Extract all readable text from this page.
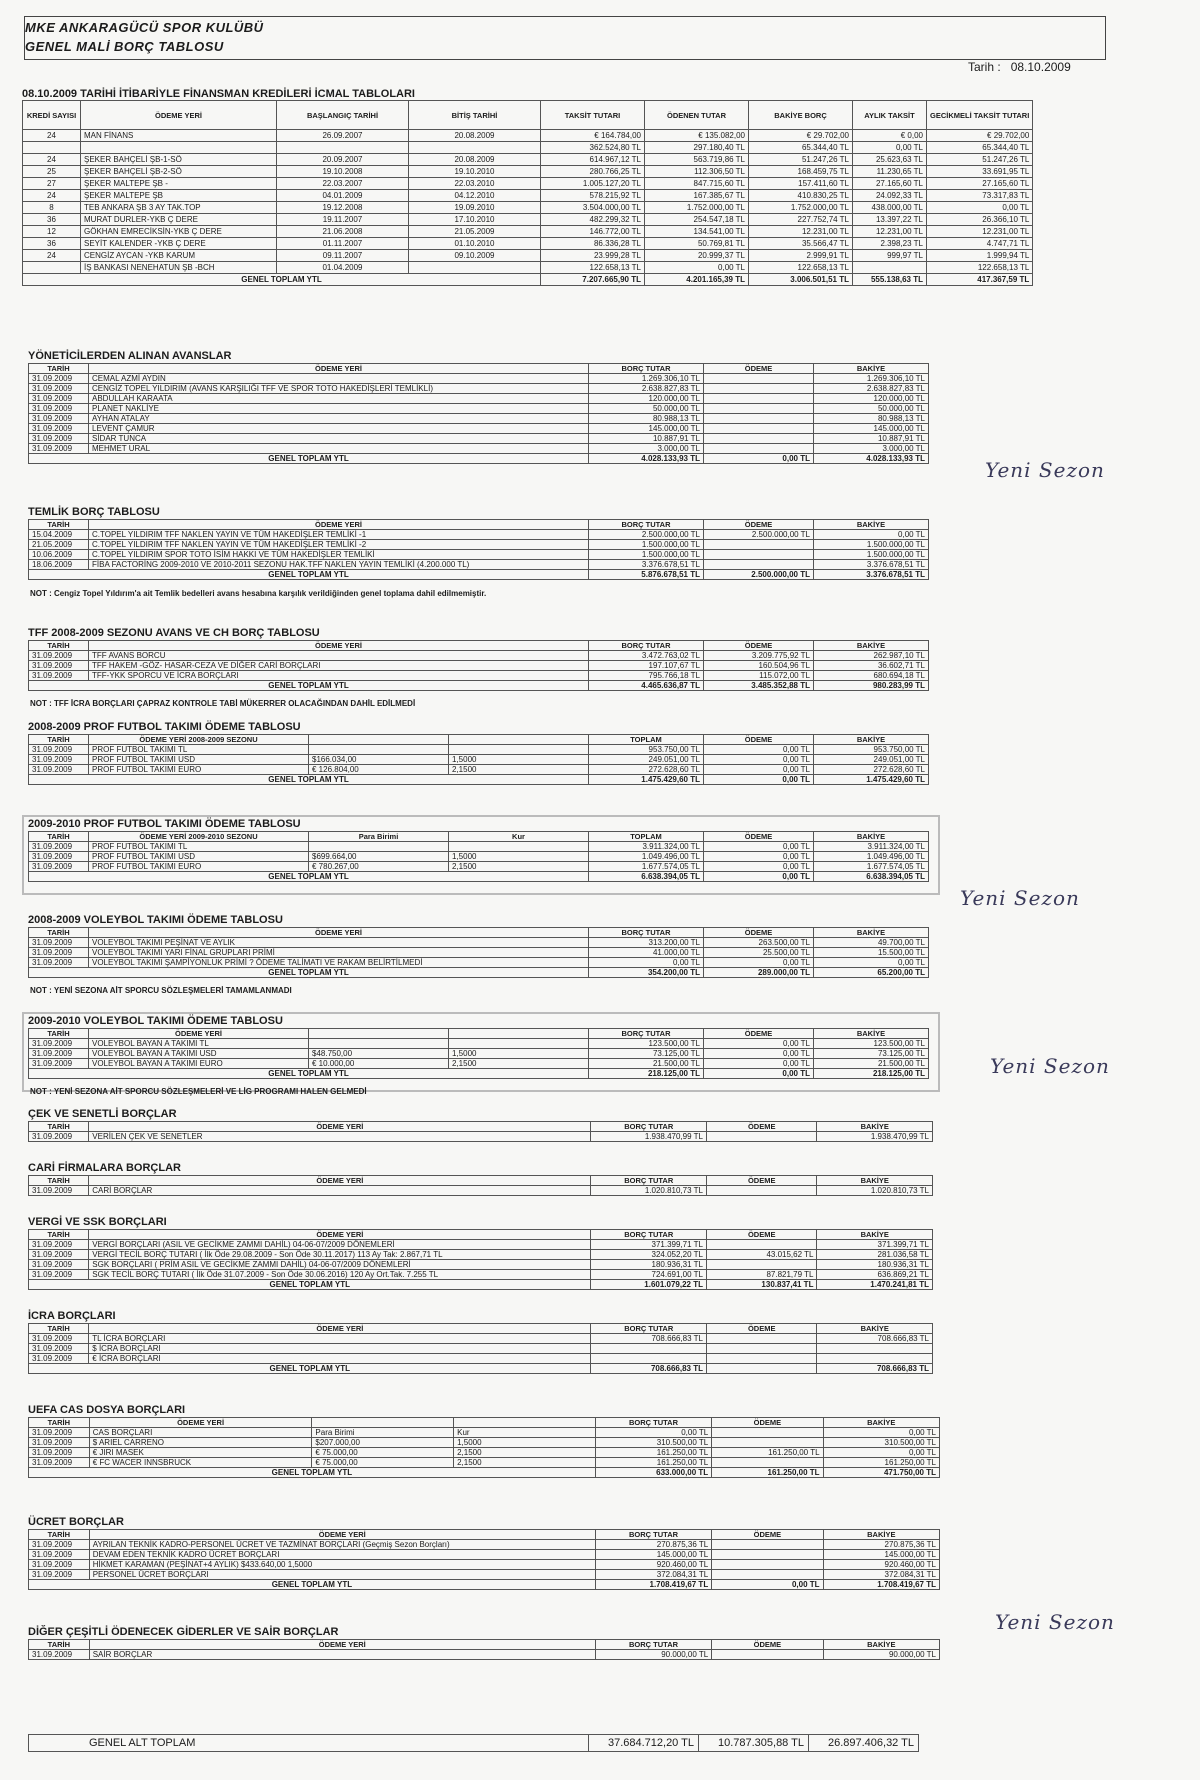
MKE ANKARAGÜCÜ SPOR KULÜBÜ
GENEL MALİ BORÇ TABLOSU
Tarih : 08.10.2009
08.10.2009 TARİHİ İTİBARİYLE FİNANSMAN KREDİLERİ İCMAL TABLOLARI
KREDİ SAYISI	ÖDEME YERİ	BAŞLANGIÇ TARİHİ	BİTİŞ TARİHİ	TAKSİT TUTARI	ÖDENEN TUTAR	BAKİYE BORÇ	AYLIK TAKSİT	GECİKMELİ TAKSİT TUTARI
24	MAN FİNANS	26.09.2007	20.08.2009	€ 164.784,00	€ 135.082,00	€ 29.702,00	€ 0,00	€ 29.702,00
				362.524,80 TL	297.180,40 TL	65.344,40 TL	0,00 TL	65.344,40 TL
24	ŞEKER BAHÇELİ ŞB-1-SÖ	20.09.2007	20.08.2009	614.967,12 TL	563.719,86 TL	51.247,26 TL	25.623,63 TL	51.247,26 TL
25	ŞEKER BAHÇELİ ŞB-2-SÖ	19.10.2008	19.10.2010	280.766,25 TL	112.306,50 TL	168.459,75 TL	11.230,65 TL	33.691,95 TL
27	ŞEKER MALTEPE ŞB -	22.03.2007	22.03.2010	1.005.127,20 TL	847.715,60 TL	157.411,60 TL	27.165,60 TL	27.165,60 TL
24	ŞEKER MALTEPE ŞB	04.01.2009	04.12.2010	578.215,92 TL	167.385,67 TL	410.830,25 TL	24.092,33 TL	73.317,83 TL
8	TEB ANKARA ŞB 3 AY TAK.TOP	19.12.2008	19.09.2010	3.504.000,00 TL	1.752.000,00 TL	1.752.000,00 TL	438.000,00 TL	0,00 TL
36	MURAT DURLER-YKB Ç DERE	19.11.2007	17.10.2010	482.299,32 TL	254.547,18 TL	227.752,74 TL	13.397,22 TL	26.366,10 TL
12	GÖKHAN EMRECİKSİN-YKB Ç DERE	21.06.2008	21.05.2009	146.772,00 TL	134.541,00 TL	12.231,00 TL	12.231,00 TL	12.231,00 TL
36	SEYİT KALENDER -YKB Ç DERE	01.11.2007	01.10.2010	86.336,28 TL	50.769,81 TL	35.566,47 TL	2.398,23 TL	4.747,71 TL
24	CENGİZ AYCAN -YKB KARUM	09.11.2007	09.10.2009	23.999,28 TL	20.999,37 TL	2.999,91 TL	999,97 TL	1.999,94 TL
	İŞ BANKASI NENEHATUN ŞB -BCH	01.04.2009		122.658,13 TL	0,00 TL	122.658,13 TL		122.658,13 TL
GENEL TOPLAM YTL				7.207.665,90 TL	4.201.165,39 TL	3.006.501,51 TL	555.138,63 TL	417.367,59 TL
YÖNETİCİLERDEN ALINAN AVANSLAR
TARİH	ÖDEME YERİ	BORÇ TUTAR	ÖDEME	BAKİYE
31.09.2009	CEMAL AZMİ AYDIN	1.269.306,10 TL		1.269.306,10 TL
31.09.2009	CENGİZ TOPEL YILDIRIM (AVANS KARŞILIĞI TFF VE SPOR TOTO HAKEDİŞLERİ TEMLİKLİ)	2.638.827,83 TL		2.638.827,83 TL
31.09.2009	ABDULLAH KARAATA	120.000,00 TL		120.000,00 TL
31.09.2009	PLANET NAKLİYE	50.000,00 TL		50.000,00 TL
31.09.2009	AYHAN ATALAY	80.988,13 TL		80.988,13 TL
31.09.2009	LEVENT ÇAMUR	145.000,00 TL		145.000,00 TL
31.09.2009	SİDAR TUNCA	10.887,91 TL		10.887,91 TL
31.09.2009	MEHMET URAL	3.000,00 TL		3.000,00 TL
GENEL TOPLAM YTL		4.028.133,93 TL	0,00 TL	4.028.133,93 TL
TEMLİK BORÇ TABLOSU
TARİH	ÖDEME YERİ	BORÇ TUTAR	ÖDEME	BAKİYE
15.04.2009	C.TOPEL YILDIRIM TFF NAKLEN YAYIN VE TÜM HAKEDİŞLER TEMLİKİ -1	2.500.000,00 TL	2.500.000,00 TL	0,00 TL
21.05.2009	C.TOPEL YILDIRIM TFF NAKLEN YAYIN VE TÜM HAKEDİŞLER TEMLİKİ -2	1.500.000,00 TL		1.500.000,00 TL
10.06.2009	C.TOPEL YILDIRIM SPOR TOTO İSİM HAKKI VE TÜM HAKEDİŞLER TEMLİKİ	1.500.000,00 TL		1.500.000,00 TL
18.06.2009	FİBA FACTORİNG 2009-2010 VE 2010-2011 SEZONU HAK.TFF NAKLEN YAYIN TEMLİKİ (4.200.000 TL)	3.376.678,51 TL		3.376.678,51 TL
GENEL TOPLAM YTL		5.876.678,51 TL	2.500.000,00 TL	3.376.678,51 TL
NOT : Cengiz Topel Yıldırım'a ait Temlik bedelleri avans hesabına karşılık verildiğinden genel toplama dahil edilmemiştir.
TFF 2008-2009 SEZONU AVANS VE CH BORÇ TABLOSU
TARİH	ÖDEME YERİ	BORÇ TUTAR	ÖDEME	BAKİYE
31.09.2009	TFF AVANS BORCU	3.472.763,02 TL	3.209.775,92 TL	262.987,10 TL
31.09.2009	TFF HAKEM -GÖZ- HASAR-CEZA VE DİĞER CARİ BORÇLARI	197.107,67 TL	160.504,96 TL	36.602,71 TL
31.09.2009	TFF-YKK SPORCU VE İCRA BORÇLARI	795.766,18 TL	115.072,00 TL	680.694,18 TL
GENEL TOPLAM YTL		4.465.636,87 TL	3.485.352,88 TL	980.283,99 TL
NOT : TFF İCRA BORÇLARI ÇAPRAZ KONTROLE TABİ MÜKERRER OLACAĞINDAN DAHİL EDİLMEDİ
2008-2009 PROF FUTBOL TAKIMI ÖDEME TABLOSU
TARİH	ÖDEME YERİ 2008-2009 SEZONU			TOPLAM	ÖDEME	BAKİYE
31.09.2009	PROF FUTBOL TAKIMI TL			953.750,00 TL	0,00 TL	953.750,00 TL
31.09.2009	PROF FUTBOL TAKIMI USD	$166.034,00	1,5000	249.051,00 TL	0,00 TL	249.051,00 TL
31.09.2009	PROF FUTBOL TAKIMI EURO	€ 126.804,00	2,1500	272.628,60 TL	0,00 TL	272.628,60 TL
GENEL TOPLAM YTL				1.475.429,60 TL	0,00 TL	1.475.429,60 TL
2009-2010 PROF FUTBOL TAKIMI ÖDEME TABLOSU
TARİH	ÖDEME YERİ 2009-2010 SEZONU	Para Birimi	Kur	TOPLAM	ÖDEME	BAKİYE
31.09.2009	PROF FUTBOL TAKIMI TL			3.911.324,00 TL	0,00 TL	3.911.324,00 TL
31.09.2009	PROF FUTBOL TAKIMI USD	$699.664,00	1,5000	1.049.496,00 TL	0,00 TL	1.049.496,00 TL
31.09.2009	PROF FUTBOL TAKIMI EURO	€ 780.267,00	2,1500	1.677.574,05 TL	0,00 TL	1.677.574,05 TL
GENEL TOPLAM YTL				6.638.394,05 TL	0,00 TL	6.638.394,05 TL
2008-2009 VOLEYBOL TAKIMI ÖDEME TABLOSU
TARİH	ÖDEME YERİ	BORÇ TUTAR	ÖDEME	BAKİYE
31.09.2009	VOLEYBOL TAKIMI PEŞİNAT VE AYLIK	313.200,00 TL	263.500,00 TL	49.700,00 TL
31.09.2009	VOLEYBOL TAKIMI YARI FİNAL GRUPLARI PRİMİ	41.000,00 TL	25.500,00 TL	15.500,00 TL
31.09.2009	VOLEYBOL TAKIMI ŞAMPİYONLUK PRİMİ ? ÖDEME TALİMATI VE RAKAM BELİRTİLMEDİ	0,00 TL	0,00 TL	0,00 TL
GENEL TOPLAM YTL		354.200,00 TL	289.000,00 TL	65.200,00 TL
NOT : YENİ SEZONA AİT SPORCU SÖZLEŞMELERİ TAMAMLANMADI
2009-2010 VOLEYBOL TAKIMI ÖDEME TABLOSU
TARİH	ÖDEME YERİ			BORÇ TUTAR	ÖDEME	BAKİYE
31.09.2009	VOLEYBOL BAYAN A TAKIMI TL			123.500,00 TL	0,00 TL	123.500,00 TL
31.09.2009	VOLEYBOL BAYAN A TAKIMI USD	$48.750,00	1,5000	73.125,00 TL	0,00 TL	73.125,00 TL
31.09.2009	VOLEYBOL BAYAN A TAKIMI EURO	€ 10.000,00	2,1500	21.500,00 TL	0,00 TL	21.500,00 TL
GENEL TOPLAM YTL				218.125,00 TL	0,00 TL	218.125,00 TL
NOT : YENİ SEZONA AİT SPORCU SÖZLEŞMELERİ VE LİG PROGRAMI HALEN GELMEDİ
ÇEK VE SENETLİ BORÇLAR
TARİH	ÖDEME YERİ	BORÇ TUTAR	ÖDEME	BAKİYE
31.09.2009	VERİLEN ÇEK VE SENETLER	1.938.470,99 TL		1.938.470,99 TL
CARİ FİRMALARA BORÇLAR
TARİH	ÖDEME YERİ	BORÇ TUTAR	ÖDEME	BAKİYE
31.09.2009	CARİ BORÇLAR	1.020.810,73 TL		1.020.810,73 TL
VERGİ VE SSK BORÇLARI
TARİH	ÖDEME YERİ	BORÇ TUTAR	ÖDEME	BAKİYE
31.09.2009	VERGİ BORÇLARI (ASIL VE GECİKME ZAMMI DAHİL) 04-06-07/2009 DÖNEMLERİ	371.399,71 TL		371.399,71 TL
31.09.2009	VERGİ TECİL BORÇ TUTARI ( İlk Öde 29.08.2009 - Son Öde 30.11.2017) 113 Ay Tak: 2.867,71 TL	324.052,20 TL	43.015,62 TL	281.036,58 TL
31.09.2009	SGK BORÇLARI ( PRİM ASIL VE GECİKME ZAMMI DAHİL) 04-06-07/2009 DÖNEMLERİ	180.936,31 TL		180.936,31 TL
31.09.2009	SGK TECİL BORÇ TUTARI ( İlk Öde 31.07.2009 - Son Öde 30.06.2016) 120 Ay Ort.Tak. 7.255 TL	724.691,00 TL	87.821,79 TL	636.869,21 TL
GENEL TOPLAM YTL		1.601.079,22 TL	130.837,41 TL	1.470.241,81 TL
İCRA BORÇLARI
TARİH	ÖDEME YERİ	BORÇ TUTAR	ÖDEME	BAKİYE
31.09.2009	TL İCRA BORÇLARI	708.666,83 TL		708.666,83 TL
31.09.2009	$ İCRA BORÇLARI			
31.09.2009	€ İCRA BORÇLARI			
GENEL TOPLAM YTL		708.666,83 TL		708.666,83 TL
UEFA CAS DOSYA BORÇLARI
TARİH	ÖDEME YERİ			BORÇ TUTAR	ÖDEME	BAKİYE
31.09.2009	CAS BORÇLARI	Para Birimi	Kur	0,00 TL		0,00 TL
31.09.2009	$ ARIEL CARRENO	$207.000,00	1,5000	310.500,00 TL		310.500,00 TL
31.09.2009	€ JIRI MASEK	€ 75.000,00	2,1500	161.250,00 TL	161.250,00 TL	0,00 TL
31.09.2009	€ FC WACER INNSBRUCK	€ 75.000,00	2,1500	161.250,00 TL		161.250,00 TL
GENEL TOPLAM YTL				633.000,00 TL	161.250,00 TL	471.750,00 TL
ÜCRET BORÇLAR
TARİH	ÖDEME YERİ	BORÇ TUTAR	ÖDEME	BAKİYE
31.09.2009	AYRILAN TEKNİK KADRO-PERSONEL ÜCRET VE TAZMİNAT BORÇLARI (Geçmiş Sezon Borçları)	270.875,36 TL		270.875,36 TL
31.09.2009	DEVAM EDEN TEKNİK KADRO ÜCRET BORÇLARI	145.000,00 TL		145.000,00 TL
31.09.2009	HİKMET KARAMAN (PEŞİNAT+4 AYLIK) $433.640,00 1,5000	920.460,00 TL		920.460,00 TL
31.09.2009	PERSONEL ÜCRET BORÇLARI	372.084,31 TL		372.084,31 TL
GENEL TOPLAM YTL		1.708.419,67 TL	0,00 TL	1.708.419,67 TL
DİĞER ÇEŞİTLİ ÖDENECEK GİDERLER VE SAİR BORÇLAR
TARİH	ÖDEME YERİ	BORÇ TUTAR	ÖDEME	BAKİYE
31.09.2009	SAİR BORÇLAR	90.000,00 TL		90.000,00 TL
GENEL ALT TOPLAM	37.684.712,20 TL	10.787.305,88 TL	26.897.406,32 TL
Yeni Sezon
Yeni Sezon
Yeni Sezon
Yeni Sezon
